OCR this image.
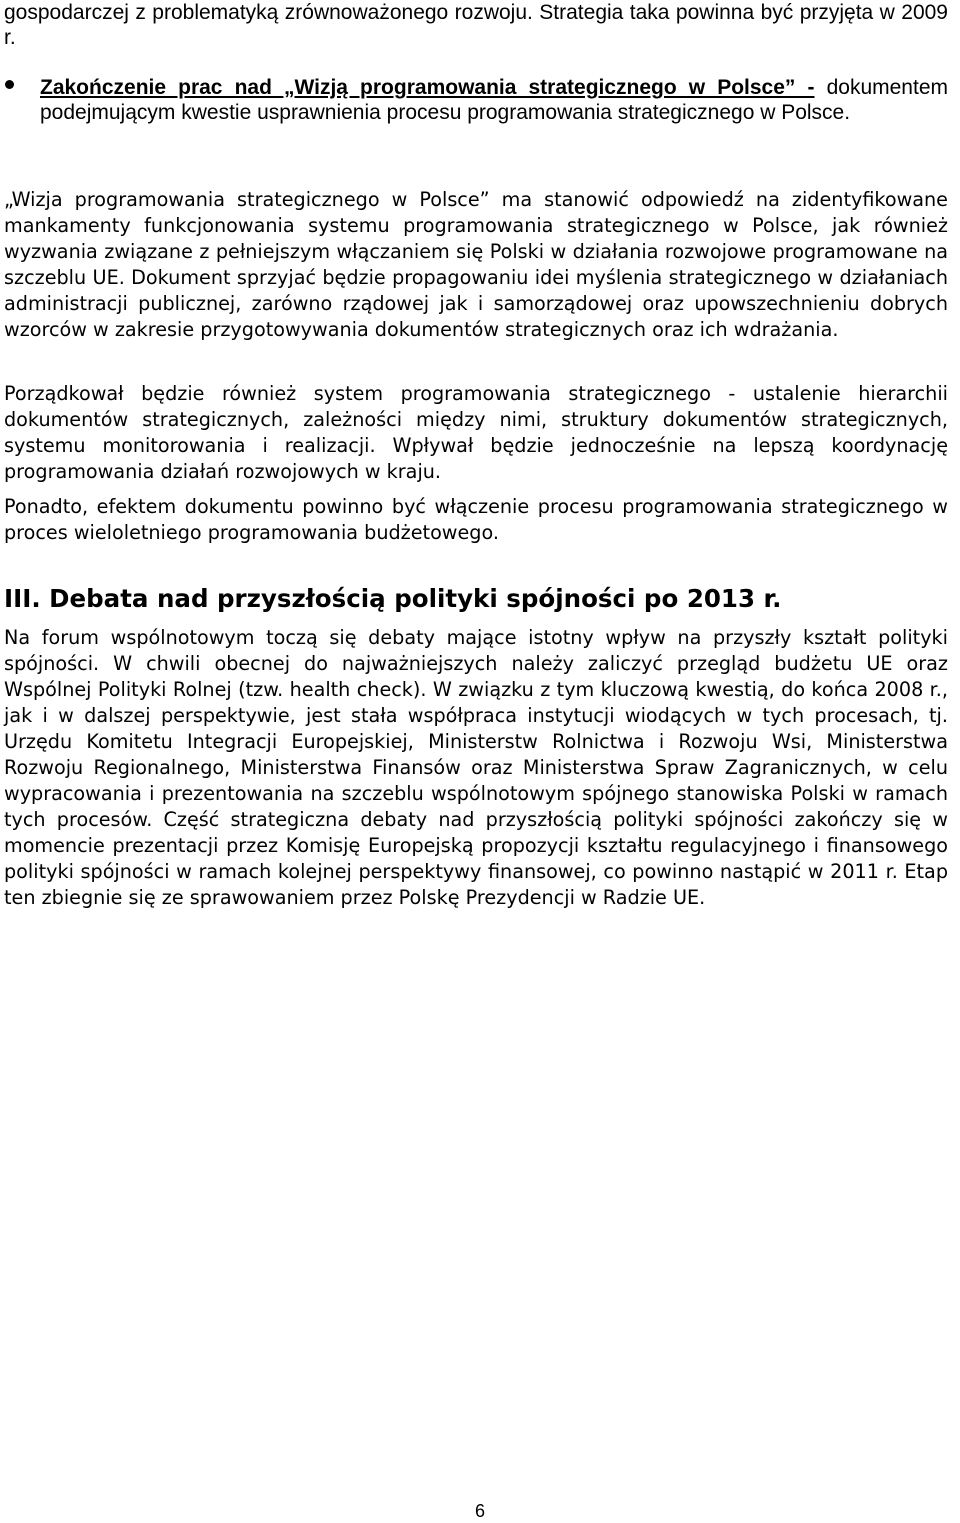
gospodarczej z problematyką zrównoważonego rozwoju. Strategia taka powinna być przyjęta w 2009 r.

Zakończenie prac nad „Wizją programowania strategicznego w Polsce” - dokumentem podejmującym kwestie usprawnienia procesu programowania strategicznego w Polsce.

„Wizja programowania strategicznego w Polsce” ma stanowić odpowiedź na zidentyfikowane mankamenty funkcjonowania systemu programowania strategicznego w Polsce, jak również wyzwania związane z pełniejszym włączaniem się Polski w działania rozwojowe programowane na szczeblu UE. Dokument sprzyjać będzie propagowaniu idei myślenia strategicznego w działaniach administracji publicznej, zarówno rządowej jak i samorządowej oraz upowszechnieniu dobrych wzorców w zakresie przygotowywania dokumentów strategicznych oraz ich wdrażania.

Porządkował będzie również system programowania strategicznego - ustalenie hierarchii dokumentów strategicznych, zależności między nimi, struktury dokumentów strategicznych, systemu monitorowania i realizacji. Wpływał będzie jednocześnie na lepszą koordynację programowania działań rozwojowych w kraju.

Ponadto, efektem dokumentu powinno być włączenie procesu programowania strategicznego w proces wieloletniego programowania budżetowego.

III. Debata nad przyszłością polityki spójności po 2013 r.

Na forum wspólnotowym toczą się debaty mające istotny wpływ na przyszły kształt polityki spójności. W chwili obecnej do najważniejszych należy zaliczyć przegląd budżetu UE oraz Wspólnej Polityki Rolnej (tzw. health check). W związku z tym kluczową kwestią, do końca 2008 r., jak i w dalszej perspektywie, jest stała współpraca instytucji wiodących w tych procesach, tj. Urzędu Komitetu Integracji Europejskiej, Ministerstw Rolnictwa i Rozwoju Wsi, Ministerstwa Rozwoju Regionalnego, Ministerstwa Finansów oraz Ministerstwa Spraw Zagranicznych, w celu wypracowania i prezentowania na szczeblu wspólnotowym spójnego stanowiska Polski w ramach tych procesów. Część strategiczna debaty nad przyszłością polityki spójności zakończy się w momencie prezentacji przez Komisję Europejską propozycji kształtu regulacyjnego i finansowego polityki spójności w ramach kolejnej perspektywy finansowej, co powinno nastąpić w 2011 r. Etap ten zbiegnie się ze sprawowaniem przez Polskę Prezydencji w Radzie UE.

6
